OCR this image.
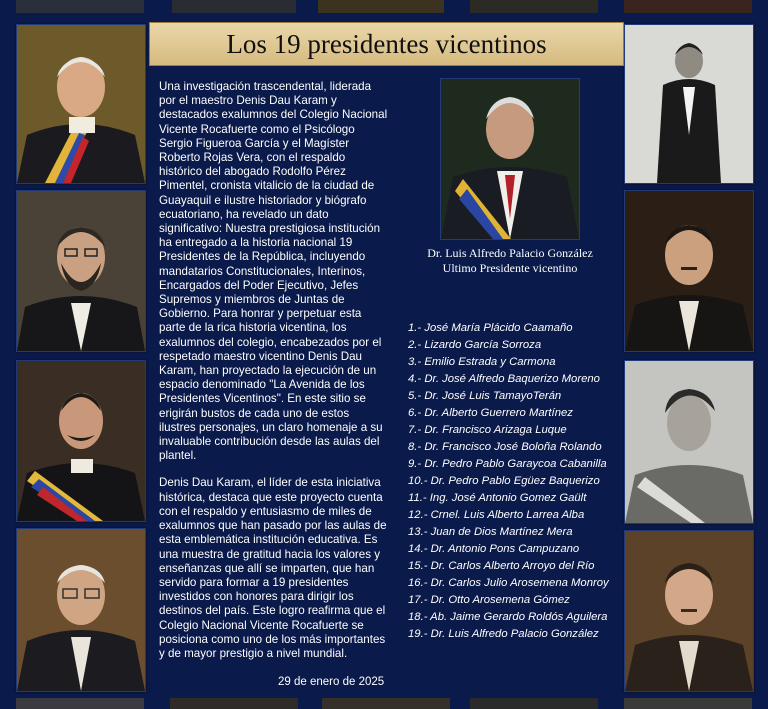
Los 19 presidentes vicentinos

Una investigación trascendental, liderada por el maestro Denis Dau Karam y destacados exalumnos del Colegio Nacional Vicente Rocafuerte como el Psicólogo Sergio Figueroa García y el Magíster Roberto Rojas Vera, con el respaldo histórico del abogado Rodolfo Pérez Pimentel, cronista vitalicio de la ciudad de Guayaquil e ilustre historiador y biógrafo ecuatoriano, ha revelado un dato significativo: Nuestra prestigiosa institución ha entregado a la historia nacional 19 Presidentes de la República, incluyendo mandatarios Constitucionales, Interinos, Encargados del Poder Ejecutivo, Jefes Supremos y miembros de Juntas de Gobierno. Para honrar y perpetuar esta parte de la rica historia vicentina, los exalumnos del colegio, encabezados por el respetado maestro vicentino Denis Dau Karam, han proyectado la ejecución de un espacio denominado "La Avenida de los Presidentes Vicentinos". En este sitio se erigirán bustos de cada uno de estos ilustres personajes, un claro homenaje a su invaluable contribución desde las aulas del plantel.

Denis Dau Karam, el líder de esta iniciativa histórica, destaca que este proyecto cuenta con el respaldo y entusiasmo de miles de exalumnos que han pasado por las aulas de esta emblemática institución educativa. Es una muestra de gratitud hacia los valores y enseñanzas que allí se imparten, que han servido para formar a 19 presidentes investidos con honores para dirigir los destinos del país. Este logro reafirma que el Colegio Nacional Vicente Rocafuerte se posiciona como uno de los más importantes y de mayor prestigio a nivel mundial.

29 de enero de 2025
Dr. Luis Alfredo Palacio González
Ultimo Presidente vicentino
1.- José María Plácido Caamaño
2.- Lizardo García Sorroza
3.- Emilio Estrada y Carmona
4.- Dr. José Alfredo Baquerizo Moreno
5.- Dr. José Luis TamayoTerán
6.- Dr. Alberto Guerrero Martínez
7.- Dr. Francisco Arizaga Luque
8.- Dr. Francisco José Boloña Rolando
9.- Dr. Pedro Pablo Garaycoa Cabanilla
10.- Dr. Pedro Pablo Egüez Baquerizo
11.- Ing. José Antonio Gomez Gaült
12.- Crnel. Luis Alberto Larrea Alba
13.- Juan de Dios Martínez Mera
14.- Dr. Antonio Pons Campuzano
15.- Dr. Carlos Alberto Arroyo del Río
16.- Dr. Carlos Julio Arosemena Monroy
17.- Dr. Otto Arosemena Gómez
18.- Ab. Jaime Gerardo Roldós Aguilera
19.- Dr. Luis Alfredo Palacio González
